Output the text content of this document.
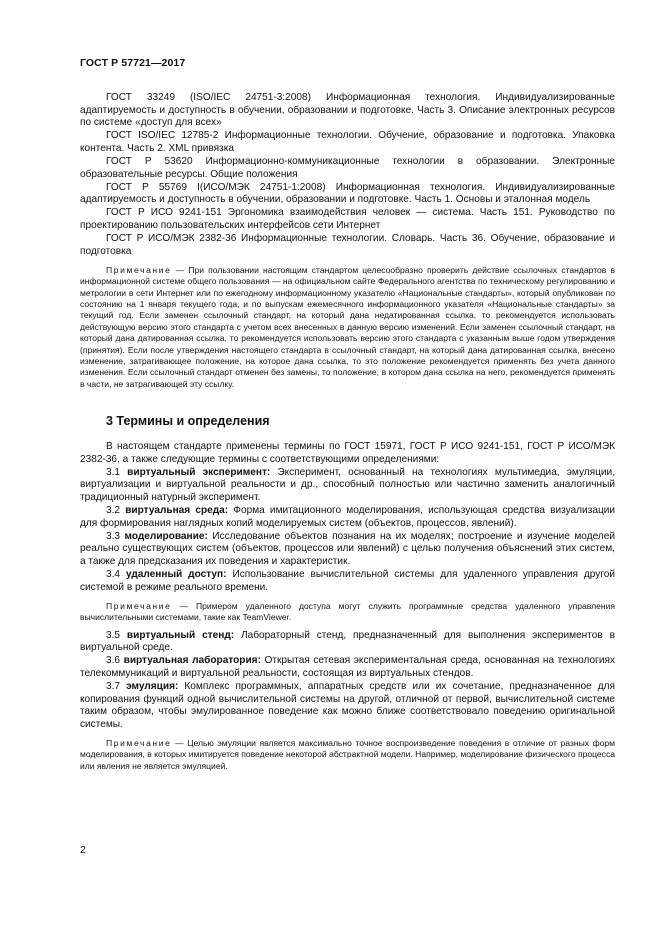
ГОСТ Р 57721—2017

ГОСТ 33249 (ISO/IEC 24751-3:2008) Информационная технология. Индивидуализированные адаптируемость и доступность в обучении, образовании и подготовке. Часть 3. Описание электронных ресурсов по системе «доступ для всех»

ГОСТ ISO/IEC 12785-2 Информационные технологии. Обучение, образование и подготовка. Упаковка контента. Часть 2. XML привязка

ГОСТ Р 53620 Информационно-коммуникационные технологии в образовании. Электронные образовательные ресурсы. Общие положения

ГОСТ Р 55769 I(ИСО/МЭК 24751-1:2008) Информационная технология. Индивидуализированные адаптируемость и доступность в обучении, образовании и подготовке. Часть 1. Основы и эталонная модель

ГОСТ Р ИСО 9241-151 Эргономика взаимодействия человек — система. Часть 151. Руководство по проектированию пользовательских интерфейсов сети Интернет

ГОСТ Р ИСО/МЭК 2382-36 Информационные технологии. Словарь. Часть 36. Обучение, образование и подготовка

Примечание — При пользовании настоящим стандартом целесообразно проверить действие ссылочных стандартов в информационной системе общего пользования — на официальном сайте Федерального агентства по техническому регулированию и метрологии в сети Интернет или по ежегодному информационному указателю «Национальные стандарты», который опубликован по состоянию на 1 января текущего года, и по выпускам ежемесячного информационного указателя «Национальные стандарты» за текущий год. Если заменен ссылочный стандарт, на который дана недатированная ссылка, то рекомендуется использовать действующую версию этого стандарта с учетом всех внесенных в данную версию изменений. Если заменен ссылочный стандарт, на который дана датированная ссылка, то рекомендуется использовать версию этого стандарта с указанным выше годом утверждения (принятия). Если после утверждения настоящего стандарта в ссылочный стандарт, на который дана датированная ссылка, внесено изменение, затрагивающее положение, на которое дана ссылка, то это положение рекомендуется применять без учета данного изменения. Если ссылочный стандарт отменен без замены, то положение, в котором дана ссылка на него, рекомендуется применять в части, не затрагивающей эту ссылку.

3 Термины и определения

В настоящем стандарте применены термины по ГОСТ 15971, ГОСТ Р ИСО 9241-151, ГОСТ Р ИСО/МЭК 2382-36, а также следующие термины с соответствующими определениями:

3.1 виртуальный эксперимент: Эксперимент, основанный на технологиях мультимедиа, эмуляции, виртуализации и виртуальной реальности и др., способный полностью или частично заменить аналогичный традиционный натурный эксперимент.

3.2 виртуальная среда: Форма имитационного моделирования, использующая средства визуализации для формирования наглядных копий моделируемых систем (объектов, процессов, явлений).

3.3 моделирование: Исследование объектов познания на их моделях; построение и изучение моделей реально существующих систем (объектов, процессов или явлений) с целью получения объяснений этих систем, а также для предсказания их поведения и характеристик.

3.4 удаленный доступ: Использование вычислительной системы для удаленного управления другой системой в режиме реального времени.

Примечание — Примером удаленного доступа могут служить программные средства удаленного управления вычислительными системами, такие как TeamViewer.

3.5 виртуальный стенд: Лабораторный стенд, предназначенный для выполнения экспериментов в виртуальной среде.

3.6 виртуальная лаборатория: Открытая сетевая экспериментальная среда, основанная на технологиях телекоммуникаций и виртуальной реальности, состоящая из виртуальных стендов.

3.7 эмуляция: Комплекс программных, аппаратных средств или их сочетание, предназначенное для копирования функций одной вычислительной системы на другой, отличной от первой, вычислительной системе таким образом, чтобы эмулированное поведение как можно ближе соответствовало поведению оригинальной системы.

Примечание — Целью эмуляции является максимально точное воспроизведение поведения в отличие от разных форм моделирования, в которых имитируется поведение некоторой абстрактной модели. Например, моделирование физического процесса или явления не является эмуляцией.

2
